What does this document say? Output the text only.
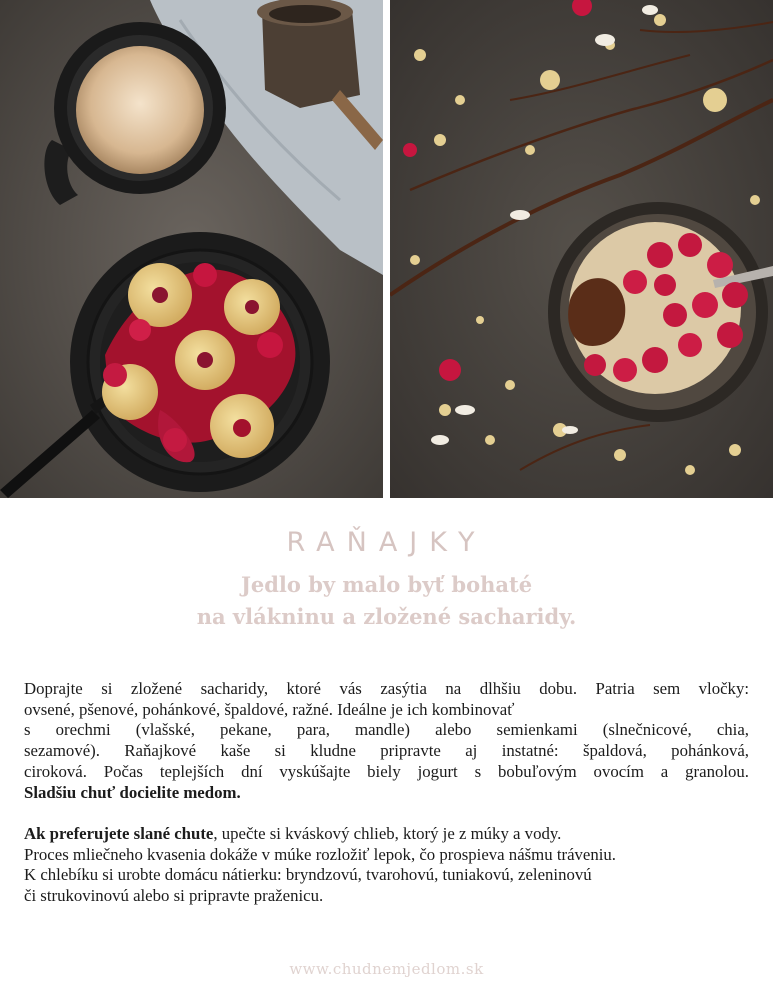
RAŇAJKY
Jedlo by malo byť bohaté
na vlákninu a zložené sacharidy.
Doprajte si zložené sacharidy, ktoré vás zasýtia na dlhšiu dobu. Patria sem vločky:
ovsené, pšenové, pohánkové, špaldové, ražné. Ideálne je ich kombinovať
s orechmi (vlašské, pekane, para, mandle) alebo semienkami (slnečnicové, chia,
sezamové). Raňajkové kaše si kludne pripravte aj instatné: špaldová, pohánková,
ciroková. Počas teplejších dní vyskúšajte biely jogurt s bobuľovým ovocím a granolou.
Sladšiu chuť docielite medom.
Ak preferujete slané chute, upečte si kváskový chlieb, ktorý je z múky a vody.
Proces mliečneho kvasenia dokáže v múke rozložiť lepok, čo prospieva nášmu tráveniu.
K chlebíku si urobte domácu nátierku: bryndzovú, tvarohovú, tuniakovú, zeleninovú
či strukovinovú alebo si pripravte praženicu.
www.chudnemjedlom.sk
